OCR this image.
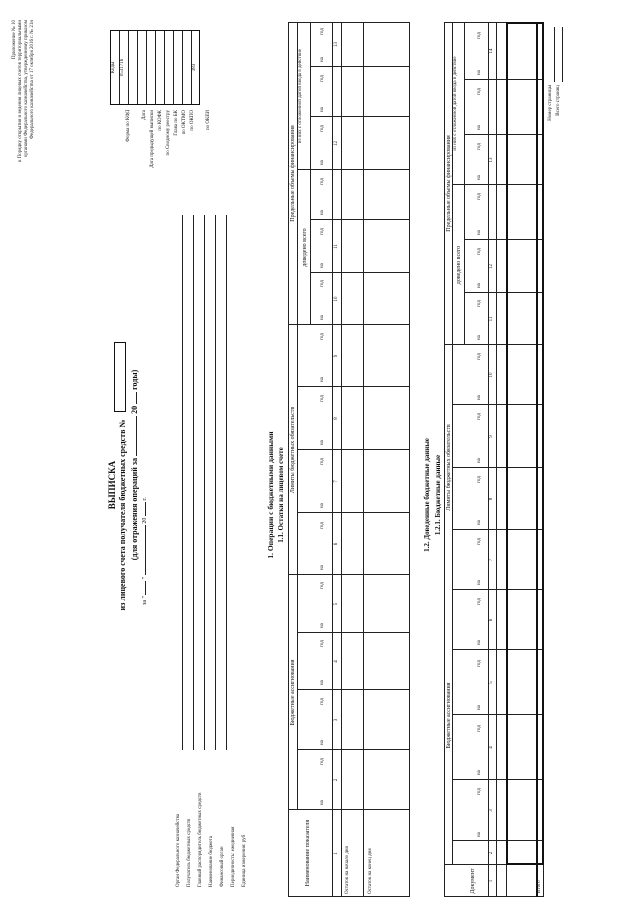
Приложение № 10 к Порядку открытия и ведения лицевых счетов территориальными органами Федерального казначейства, утвержденному приказом Федерального казначейства от 17 октября 2016 г. № 21н
ВЫПИСКА из лицевого счета получателя бюджетных средств № (для отражения операций за  20  годы)
за "  "  20  г.
Коды 0531716	383
Форма по КФД Дата Дата предыдущей выписки по КОФК по Сводному реестру Глава по БК по ОКТМО по ОКПО по ОКЕИ
Орган Федерального казначейства Получатель бюджетных средств Главный распорядитель бюджетных средств Наименование бюджета Финансовый орган Периодичность: ежедневная Единица измерения: руб
1. Операции с бюджетными данными 1.1. Остатки на лицевом счете
Наименование показателя
Бюджетные ассигнования
Лимиты бюджетных обязательств
Предельные объемы финансирования
доведено всего
из них с отложенной датой ввода в действие
на
год
на
год
на
год
на
год
на
год
на
год
на
год
на
год
на
год
на
год
на
год
на
год
на
год
на
год
1
2
3
4
5
6
7
8
9
10
11
12
13
Остаток на начало дня	Остаток на конец дня
1.2. Доведенные бюджетные данные 1.2.1. Бюджетные данные
Документ
Бюджетные ассигнования
Лимиты бюджетных обязательств
Предельные объемы финансирования
доведено всего
из них с отложенной датой ввода в действие
на
год
на
год
на
год
на
год
на
год
на
год
на
год
на
год
на
год
на
год
на
год
на
год
на
год
на
год
1
2
3
4
5
6
7
8
9
10
11
12
13
14
Итого
Номер страницы Всего страниц
